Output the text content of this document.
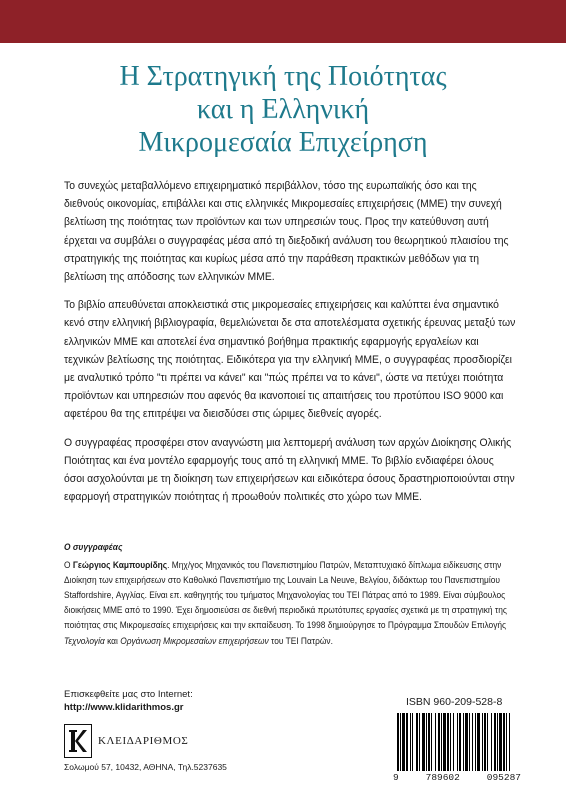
Η Στρατηγική της Ποιότητας
και η Ελληνική
Μικρομεσαία Επιχείρηση

Το συνεχώς μεταβαλλόμενο επιχειρηματικό περιβάλλον, τόσο της ευρωπαϊκής όσο και της διεθνούς οικονομίας, επιβάλλει και στις ελληνικές Μικρομεσαίες επιχειρήσεις (ΜΜΕ) την συνεχή βελτίωση της ποιότητας των προϊόντων και των υπηρεσιών τους. Προς την κατεύθυνση αυτή έρχεται να συμβάλει ο συγγραφέας μέσα από τη διεξοδική ανάλυση του θεωρητικού πλαισίου της στρατηγικής της ποιότητας και κυρίως μέσα από την παράθεση πρακτικών μεθόδων για τη βελτίωση της απόδοσης των ελληνικών ΜΜΕ.

Το βιβλίο απευθύνεται αποκλειστικά στις μικρομεσαίες επιχειρήσεις και καλύπτει ένα σημαντικό κενό στην ελληνική βιβλιογραφία, θεμελιώνεται δε στα αποτελέσματα σχετικής έρευνας μεταξύ των ελληνικών ΜΜΕ και αποτελεί ένα σημαντικό βοήθημα πρακτικής εφαρμογής εργαλείων και τεχνικών βελτίωσης της ποιότητας. Ειδικότερα για την ελληνική ΜΜΕ, ο συγγραφέας προσδιορίζει με αναλυτικό τρόπο "τι πρέπει να κάνει" και "πώς πρέπει να το κάνει", ώστε να πετύχει ποιότητα προϊόντων και υπηρεσιών που αφενός θα ικανοποιεί τις απαιτήσεις του προτύπου ISO 9000 και αφετέρου θα της επιτρέψει να διεισδύσει στις ώριμες διεθνείς αγορές.

Ο συγγραφέας προσφέρει στον αναγνώστη μια λεπτομερή ανάλυση των αρχών Διοίκησης Ολικής Ποιότητας και ένα μοντέλο εφαρμογής τους από τη ελληνική ΜΜΕ. Το βιβλίο ενδιαφέρει όλους όσοι ασχολούνται με τη διοίκηση των επιχειρήσεων και ειδικότερα όσους δραστηριοποιούνται στην εφαρμογή στρατηγικών ποιότητας ή προωθούν πολιτικές στο χώρο των ΜΜΕ.

Ο συγγραφέας
Ο Γεώργιος Καμπουρίδης. Μηχ/γος Μηχανικός του Πανεπιστημίου Πατρών, Μεταπτυχιακό δίπλωμα ειδίκευσης στην Διοίκηση των επιχειρήσεων στο Καθολικό Πανεπιστήμιο της Louvain La Neuve, Βελγίου, διδάκτωρ του Πανεπιστημίου Staffordshire, Αγγλίας. Είναι επ. καθηγητής του τμήματος Μηχανολογίας του ΤΕΙ Πάτρας από το 1989. Είναι σύμβουλος διοικήσεις ΜΜΕ από το 1990. Έχει δημοσιεύσει σε διεθνή περιοδικά πρωτότυπες εργασίες σχετικά με τη στρατηγική της ποιότητας στις Μικρομεσαίες επιχειρήσεις και την εκπαίδευση. Το 1998 δημιούργησε το Πρόγραμμα Σπουδών Επιλογής Τεχνολογία και Οργάνωση Μικρομεσαίων επιχειρήσεων του ΤΕΙ Πατρών.
Επισκεφθείτε μας στο Internet:
http://www.klidarithmos.gr
ΚΛΕΙΔΑΡΙΘΜΟΣ
Σολωμού 57, 10432, ΑΘΗΝΑ, Τηλ.5237635
ISBN 960-209-528-8
9	789602	095287
